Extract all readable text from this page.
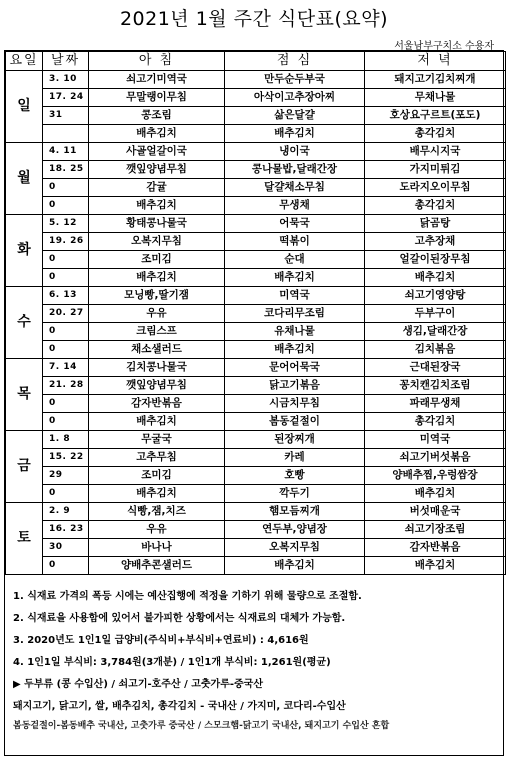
2021년 1월 주간 식단표(요약)
서울남부구치소 수용자
요일	날짜	아 침	점 심	저 녁
일	3. 10	쇠고기미역국	만두순두부국	돼지고기김치찌개
	17. 24	무말랭이무침	아삭이고추장아찌	무채나물
	31	콩조림	삶은달걀	호상요구르트(포도)
		배추김치	배추김치	총각김치
월	4. 11	사골얼갈이국	냉이국	배무시지국
	18. 25	깻잎양념무침	콩나물밥,달래간장	가지미튀김
	0	감귤	달걀채소무침	도라지오이무침
	0	배추김치	무생채	총각김치
화	5. 12	황태콩나물국	어묵국	닭곰탕
	19. 26	오복지무침	떡볶이	고추장채
	0	조미김	순대	얼갈이된장무침
	0	배추김치	배추김치	배추김치
수	6. 13	모닝빵,딸기잼	미역국	쇠고기영양탕
	20. 27	우유	코다리무조림	두부구이
	0	크림스프	유채나물	생김,달래간장
	0	채소샐러드	배추김치	김치볶음
목	7. 14	김치콩나물국	문어어묵국	근대된장국
	21. 28	깻잎양념무침	닭고기볶음	꽁치캔김치조림
	0	감자반볶음	시금치무침	파래무생채
	0	배추김치	봄동겉절이	총각김치
금	1. 8	무굴국	된장찌개	미역국
	15. 22	고추무침	카레	쇠고기버섯볶음
	29	조미김	호빵	양배추찜,우렁쌈장
	0	배추김치	깍두기	배추김치
토	2. 9	식빵,잼,치즈	햄모듬찌개	버섯매운국
	16. 23	우유	연두부,양념장	쇠고기장조림
	30	바나나	오복지무침	감자반볶음
	0	양배추콘샐러드	배추김치	배추김치
1. 식재료 가격의 폭등 시에는 예산집행에 적정을 기하기 위해 물량으로 조절함.
2. 식재료을 사용함에 있어서 불가피한 상황에서는 식재료의 대체가 가능함.
3. 2020년도 1인1일 급양비(주식비+부식비+연료비) : 4,616원
4. 1인1일 부식비: 3,784원(3개분) / 1인1개 부식비: 1,261원(평균)
▶ 두부류 (콩 수입산) / 쇠고기-호주산 / 고춧가루-중국산
돼지고기, 닭고기, 쌀, 배추김치, 총각김치 - 국내산 / 가지미, 코다리-수입산
봄동겉절이-봄동배추 국내산, 고춧가루 중국산 / 스모크햄-닭고기 국내산, 돼지고기 수입산 혼합
